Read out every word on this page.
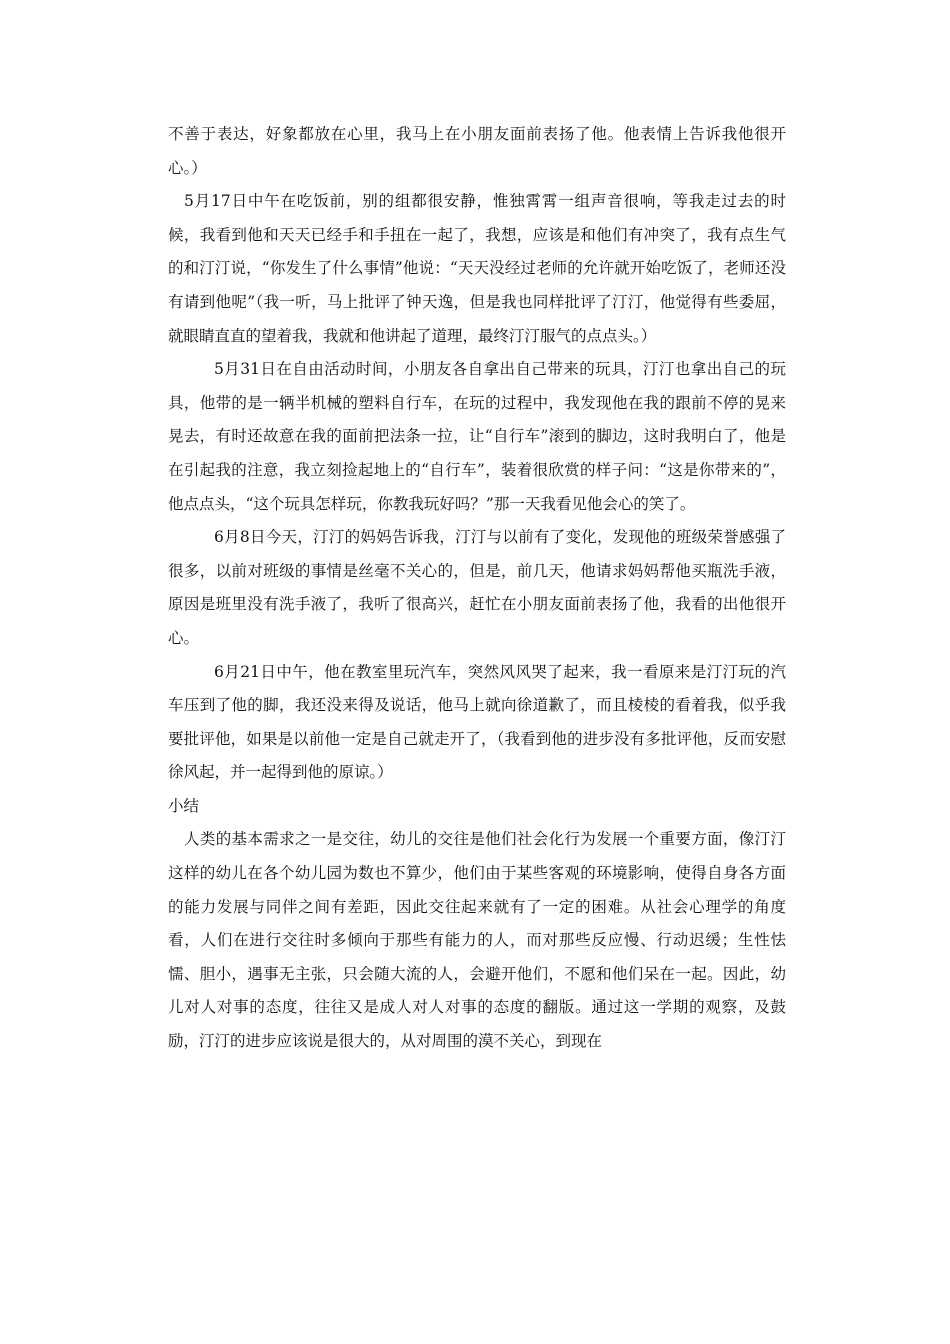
不善于表达，好象都放在心里，我马上在小朋友面前表扬了他。他表情上告诉我他很开心。）

5月17日中午在吃饭前，别的组都很安静，惟独霄霄一组声音很响，等我走过去的时候，我看到他和天天已经手和手扭在一起了，我想，应该是和他们有冲突了，我有点生气的和汀汀说，“你发生了什么事情”他说：“天天没经过老师的允许就开始吃饭了，老师还没有请到他呢”（我一听，马上批评了钟天逸，但是我也同样批评了汀汀，他觉得有些委屈，就眼睛直直的望着我，我就和他讲起了道理，最终汀汀服气的点点头。）

5月31日在自由活动时间，小朋友各自拿出自己带来的玩具，汀汀也拿出自己的玩具，他带的是一辆半机械的塑料自行车，在玩的过程中，我发现他在我的跟前不停的晃来晃去，有时还故意在我的面前把法条一拉，让“自行车”滚到的脚边，这时我明白了，他是在引起我的注意，我立刻捡起地上的“自行车”，装着很欣赏的样子问：“这是你带来的”，他点点头，“这个玩具怎样玩，你教我玩好吗？”那一天我看见他会心的笑了。

6月8日今天，汀汀的妈妈告诉我，汀汀与以前有了变化，发现他的班级荣誉感强了很多，以前对班级的事情是丝毫不关心的，但是，前几天，他请求妈妈帮他买瓶洗手液，原因是班里没有洗手液了，我听了很高兴，赶忙在小朋友面前表扬了他，我看的出他很开心。

6月21日中午，他在教室里玩汽车，突然风风哭了起来，我一看原来是汀汀玩的汽车压到了他的脚，我还没来得及说话，他马上就向徐道歉了，而且棱棱的看着我，似乎我要批评他，如果是以前他一定是自己就走开了，（我看到他的进步没有多批评他，反而安慰徐风起，并一起得到他的原谅。）

小结

人类的基本需求之一是交往，幼儿的交往是他们社会化行为发展一个重要方面，像汀汀这样的幼儿在各个幼儿园为数也不算少，他们由于某些客观的环境影响，使得自身各方面的能力发展与同伴之间有差距，因此交往起来就有了一定的困难。从社会心理学的角度看，人们在进行交往时多倾向于那些有能力的人，而对那些反应慢、行动迟缓；生性怯懦、胆小，遇事无主张，只会随大流的人，会避开他们，不愿和他们呆在一起。因此，幼儿对人对事的态度，往往又是成人对人对事的态度的翻版。通过这一学期的观察，及鼓励，汀汀的进步应该说是很大的，从对周围的漠不关心，到现在
